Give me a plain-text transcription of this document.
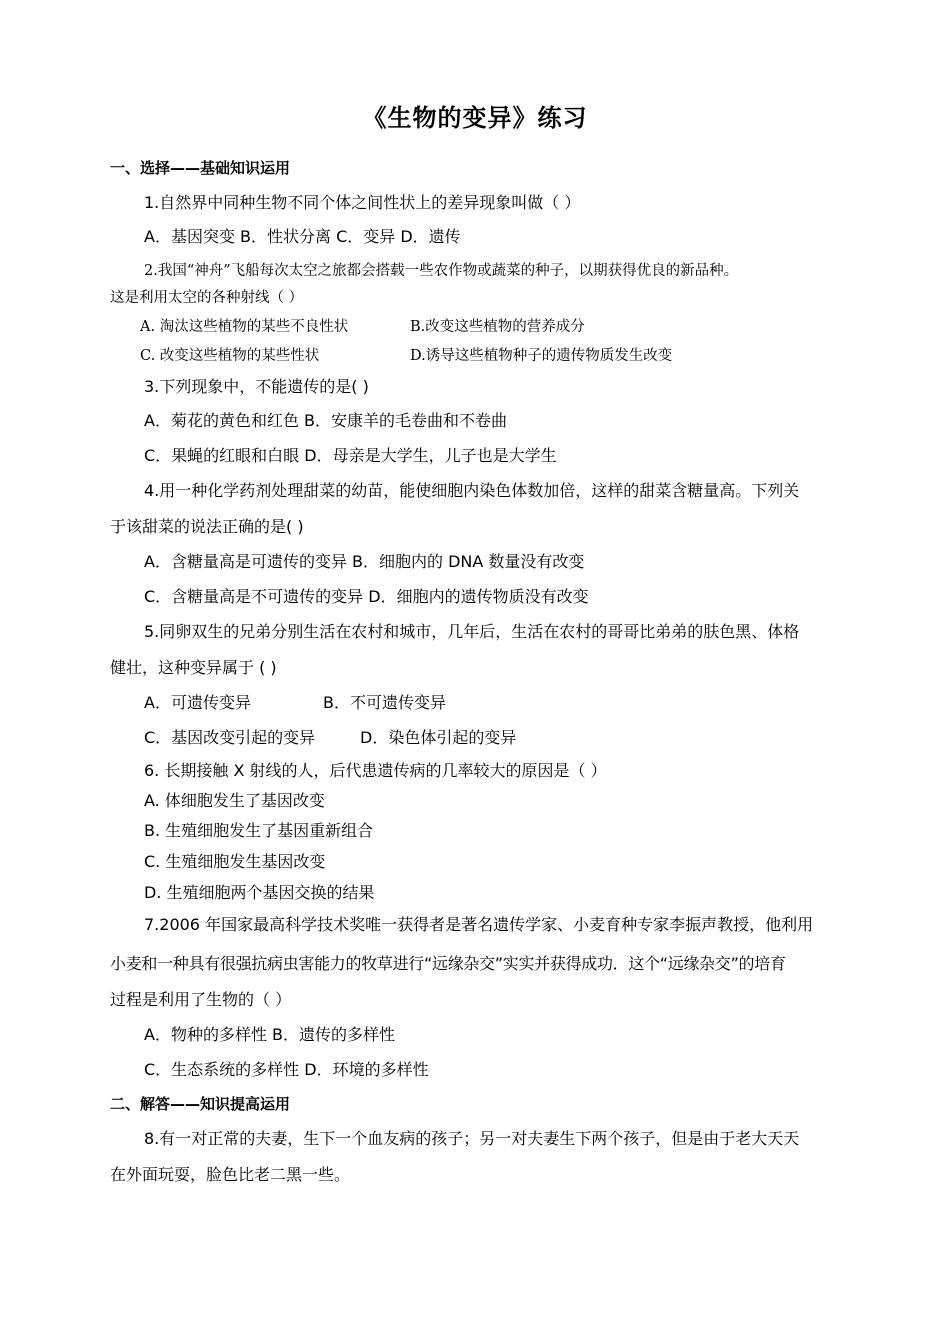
《生物的变异》练习
一、选择——基础知识运用
1.自然界中同种生物不同个体之间性状上的差异现象叫做（ ）
A．基因突变 B．性状分离 C．变异 D．遗传
2.我国“神舟”飞船每次太空之旅都会搭载一些农作物或蔬菜的种子，以期获得优良的新品种。
这是利用太空的各种射线（ ）
A. 淘汰这些植物的某些不良性状	B.改变这些植物的营养成分
C. 改变这些植物的某些性状	D.诱导这些植物种子的遗传物质发生改变
3.下列现象中，不能遗传的是( )
A．菊花的黄色和红色 B．安康羊的毛卷曲和不卷曲
C．果蝇的红眼和白眼 D．母亲是大学生，儿子也是大学生
4.用一种化学药剂处理甜菜的幼苗，能使细胞内染色体数加倍，这样的甜菜含糖量高。下列关
于该甜菜的说法正确的是( )
A．含糖量高是可遗传的变异 B．细胞内的 DNA 数量没有改变
C．含糖量高是不可遗传的变异 D．细胞内的遗传物质没有改变
5.同卵双生的兄弟分别生活在农村和城市，几年后，生活在农村的哥哥比弟弟的肤色黑、体格
健壮，这种变异属于 ( )
A．可遗传变异	B．不可遗传变异
C．基因改变引起的变异	D．染色体引起的变异
6. 长期接触 X 射线的人，后代患遗传病的几率较大的原因是（ ）
A. 体细胞发生了基因改变
B. 生殖细胞发生了基因重新组合
C. 生殖细胞发生基因改变
D. 生殖细胞两个基因交换的结果
7.2006 年国家最高科学技术奖唯一获得者是著名遗传学家、小麦育种专家李振声教授，他利用
小麦和一种具有很强抗病虫害能力的牧草进行“远缘杂交”实实并获得成功．这个“远缘杂交”的培育
过程是利用了生物的（ ）
A．物种的多样性 B．遗传的多样性
C．生态系统的多样性 D．环境的多样性
二、解答——知识提高运用
8.有一对正常的夫妻，生下一个血友病的孩子；另一对夫妻生下两个孩子，但是由于老大天天
在外面玩耍，脸色比老二黑一些。
